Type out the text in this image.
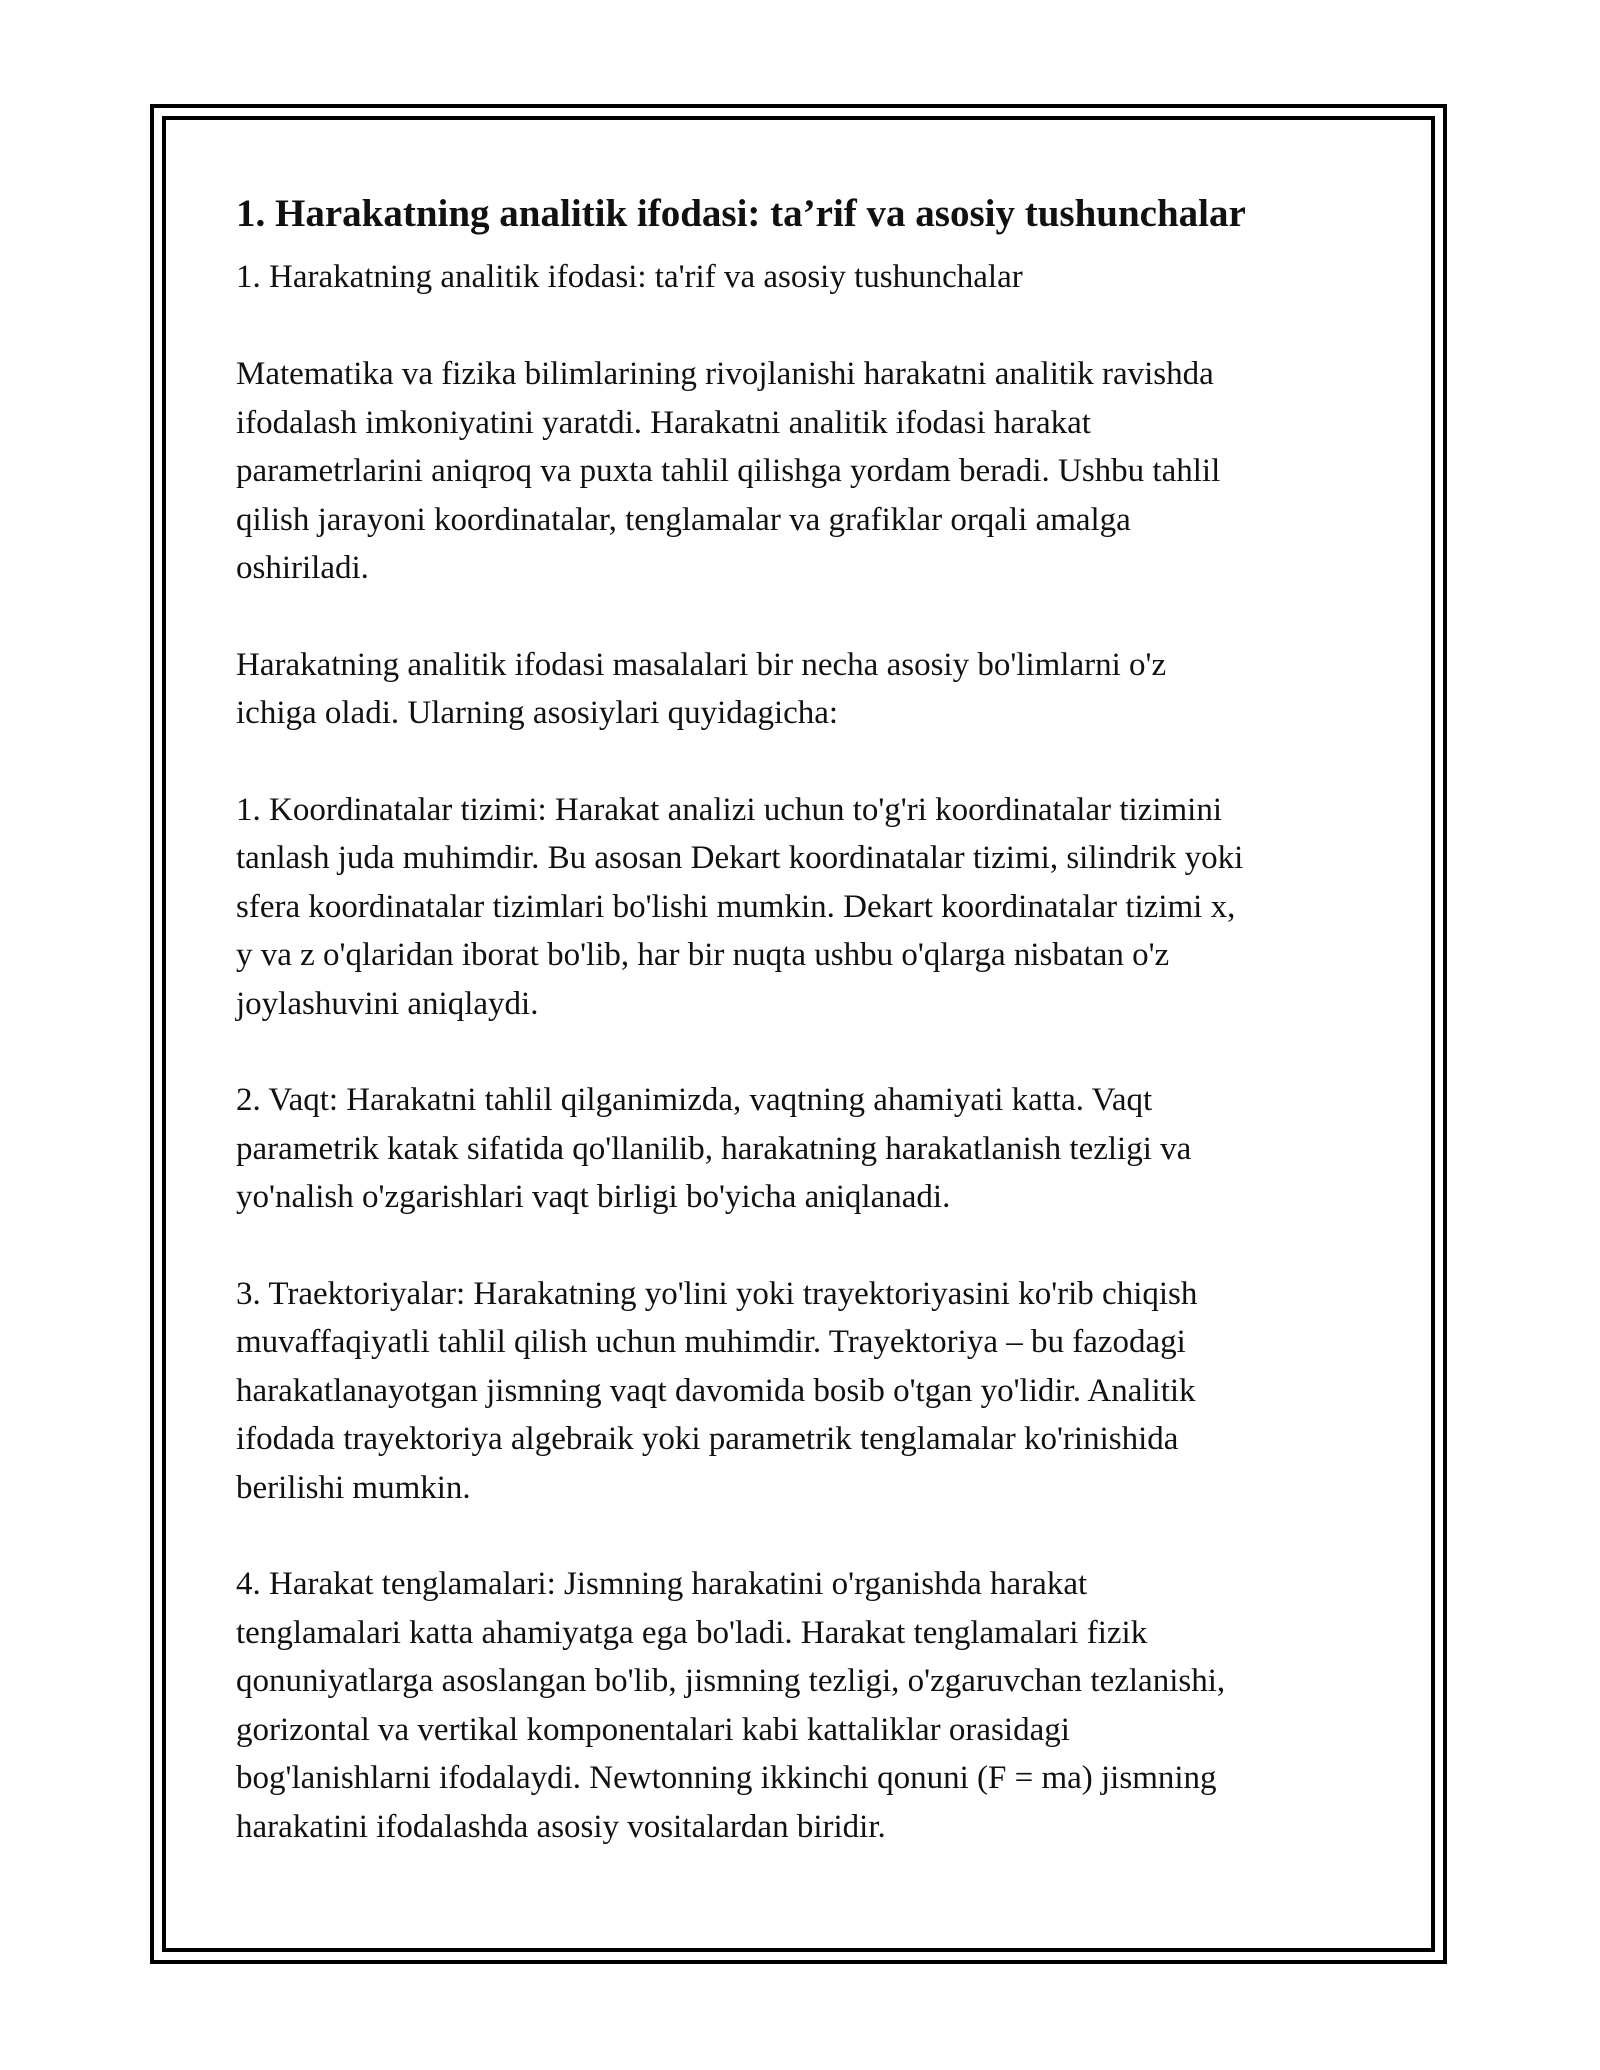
1. Harakatning analitik ifodasi: ta’rif va asosiy tushunchalar

1. Harakatning analitik ifodasi: ta'rif va asosiy tushunchalar

Matematika va fizika bilimlarining rivojlanishi harakatni analitik ravishda
ifodalash imkoniyatini yaratdi. Harakatni analitik ifodasi harakat
parametrlarini aniqroq va puxta tahlil qilishga yordam beradi. Ushbu tahlil
qilish jarayoni koordinatalar, tenglamalar va grafiklar orqali amalga
oshiriladi.

Harakatning analitik ifodasi masalalari bir necha asosiy bo'limlarni o'z
ichiga oladi. Ularning asosiylari quyidagicha:

1. Koordinatalar tizimi: Harakat analizi uchun to'g'ri koordinatalar tizimini
tanlash juda muhimdir. Bu asosan Dekart koordinatalar tizimi, silindrik yoki
sfera koordinatalar tizimlari bo'lishi mumkin. Dekart koordinatalar tizimi x,
y va z o'qlaridan iborat bo'lib, har bir nuqta ushbu o'qlarga nisbatan o'z
joylashuvini aniqlaydi.

2. Vaqt: Harakatni tahlil qilganimizda, vaqtning ahamiyati katta. Vaqt
parametrik katak sifatida qo'llanilib, harakatning harakatlanish tezligi va
yo'nalish o'zgarishlari vaqt birligi bo'yicha aniqlanadi.

3. Traektoriyalar: Harakatning yo'lini yoki trayektoriyasini ko'rib chiqish
muvaffaqiyatli tahlil qilish uchun muhimdir. Trayektoriya – bu fazodagi
harakatlanayotgan jismning vaqt davomida bosib o'tgan yo'lidir. Analitik
ifodada trayektoriya algebraik yoki parametrik tenglamalar ko'rinishida
berilishi mumkin.

4. Harakat tenglamalari: Jismning harakatini o'rganishda harakat
tenglamalari katta ahamiyatga ega bo'ladi. Harakat tenglamalari fizik
qonuniyatlarga asoslangan bo'lib, jismning tezligi, o'zgaruvchan tezlanishi,
gorizontal va vertikal komponentalari kabi kattaliklar orasidagi
bog'lanishlarni ifodalaydi. Newtonning ikkinchi qonuni (F = ma) jismning
harakatini ifodalashda asosiy vositalardan biridir.
